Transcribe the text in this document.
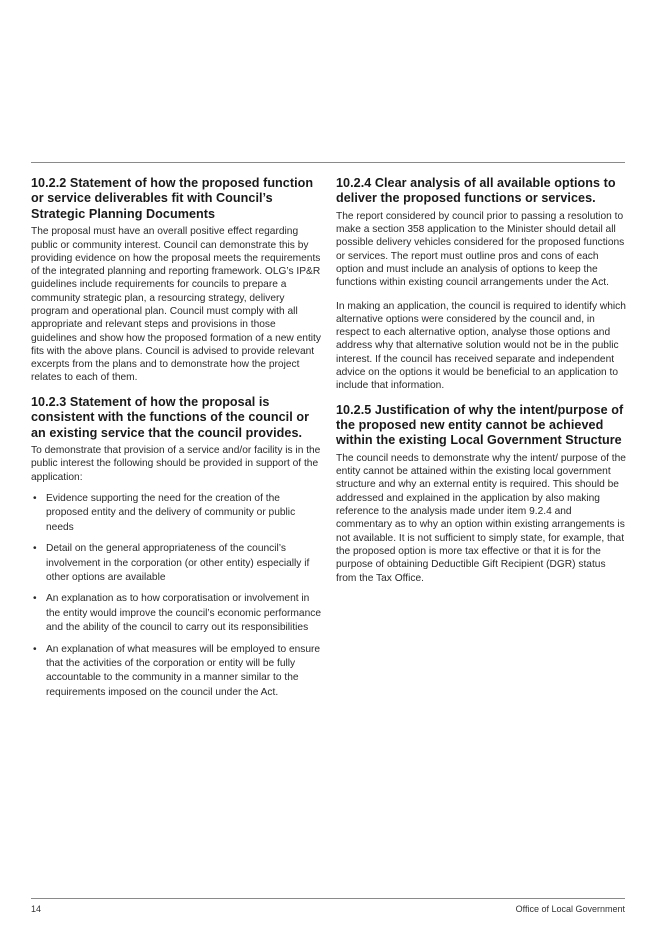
10.2.2 Statement of how the proposed function or service deliverables fit with Council’s Strategic Planning Documents

The proposal must have an overall positive effect regarding public or community interest. Council can demonstrate this by providing evidence on how the proposal meets the requirements of the integrated planning and reporting framework. OLG’s IP&R guidelines include requirements for councils to prepare a community strategic plan, a resourcing strategy, delivery program and operational plan. Council must comply with all appropriate and relevant steps and provisions in those guidelines and show how the proposed formation of a new entity fits with the above plans. Council is advised to provide relevant excerpts from the plans and to demonstrate how the project relates to each of them.

10.2.3 Statement of how the proposal is consistent with the functions of the council or an existing service that the council provides.

To demonstrate that provision of a service and/or facility is in the public interest the following should be provided in support of the application:

• Evidence supporting the need for the creation of the proposed entity and the delivery of community or public needs
• Detail on the general appropriateness of the council’s involvement in the corporation (or other entity) especially if other options are available
• An explanation as to how corporatisation or involvement in the entity would improve the council’s economic performance and the ability of the council to carry out its responsibilities
• An explanation of what measures will be employed to ensure that the activities of the corporation or entity will be fully accountable to the community in a manner similar to the requirements imposed on the council under the Act.
10.2.4 Clear analysis of all available options to deliver the proposed functions or services.

The report considered by council prior to passing a resolution to make a section 358 application to the Minister should detail all possible delivery vehicles considered for the proposed functions or services. The report must outline pros and cons of each option and must include an analysis of options to keep the functions within existing council arrangements under the Act.

In making an application, the council is required to identify which alternative options were considered by the council and, in respect to each alternative option, analyse those options and address why that alternative solution would not be in the public interest. If the council has received separate and independent advice on the options it would be beneficial to an application to include that information.

10.2.5 Justification of why the intent/purpose of the proposed new entity cannot be achieved within the existing Local Government Structure

The council needs to demonstrate why the intent/ purpose of the entity cannot be attained within the existing local government structure and why an external entity is required. This should be addressed and explained in the application by also making reference to the analysis made under item 9.2.4 and commentary as to why an option within existing arrangements is not available. It is not sufficient to simply state, for example, that the proposed option is more tax effective or that it is for the purpose of obtaining Deductible Gift Recipient (DGR) status from the Tax Office.

14	Office of Local Government
